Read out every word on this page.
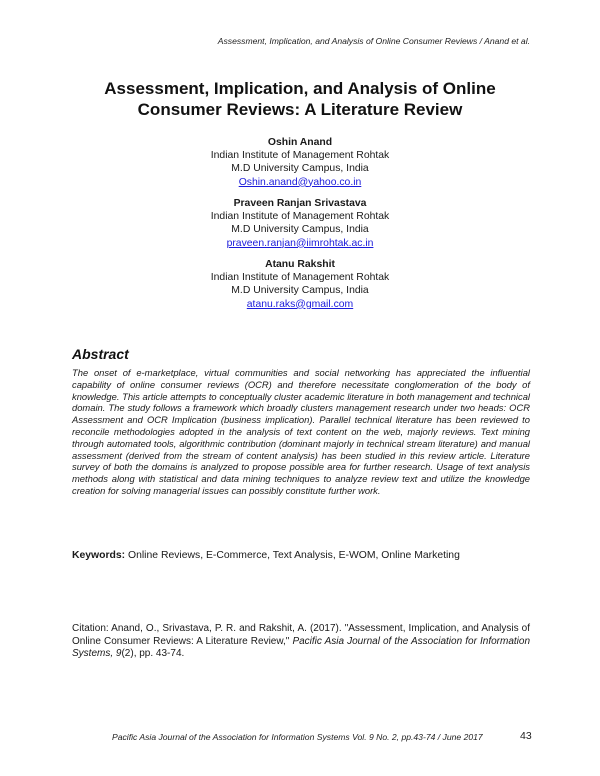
Assessment, Implication, and Analysis of Online Consumer Reviews / Anand et al.
Assessment, Implication, and Analysis of Online
Consumer Reviews: A Literature Review
Oshin Anand
Indian Institute of Management Rohtak
M.D University Campus, India
Oshin.anand@yahoo.co.in
Praveen Ranjan Srivastava
Indian Institute of Management Rohtak
M.D University Campus, India
praveen.ranjan@iimrohtak.ac.in
Atanu Rakshit
Indian Institute of Management Rohtak
M.D University Campus, India
atanu.raks@gmail.com
Abstract
The onset of e-marketplace, virtual communities and social networking has appreciated the influential capability of online consumer reviews (OCR) and therefore necessitate conglomeration of the body of knowledge. This article attempts to conceptually cluster academic literature in both management and technical domain. The study follows a framework which broadly clusters management research under two heads: OCR Assessment and OCR Implication (business implication). Parallel technical literature has been reviewed to reconcile methodologies adopted in the analysis of text content on the web, majorly reviews. Text mining through automated tools, algorithmic contribution (dominant majorly in technical stream literature) and manual assessment (derived from the stream of content analysis) has been studied in this review article. Literature survey of both the domains is analyzed to propose possible area for further research. Usage of text analysis methods along with statistical and data mining techniques to analyze review text and utilize the knowledge creation for solving managerial issues can possibly constitute further work.
Keywords: Online Reviews, E-Commerce, Text Analysis, E-WOM, Online Marketing
Citation: Anand, O., Srivastava, P. R. and Rakshit, A. (2017). "Assessment, Implication, and Analysis of Online Consumer Reviews: A Literature Review," Pacific Asia Journal of the Association for Information Systems, 9(2), pp. 43-74.
Pacific Asia Journal of the Association for Information Systems Vol. 9 No. 2, pp.43-74 / June 2017	43
